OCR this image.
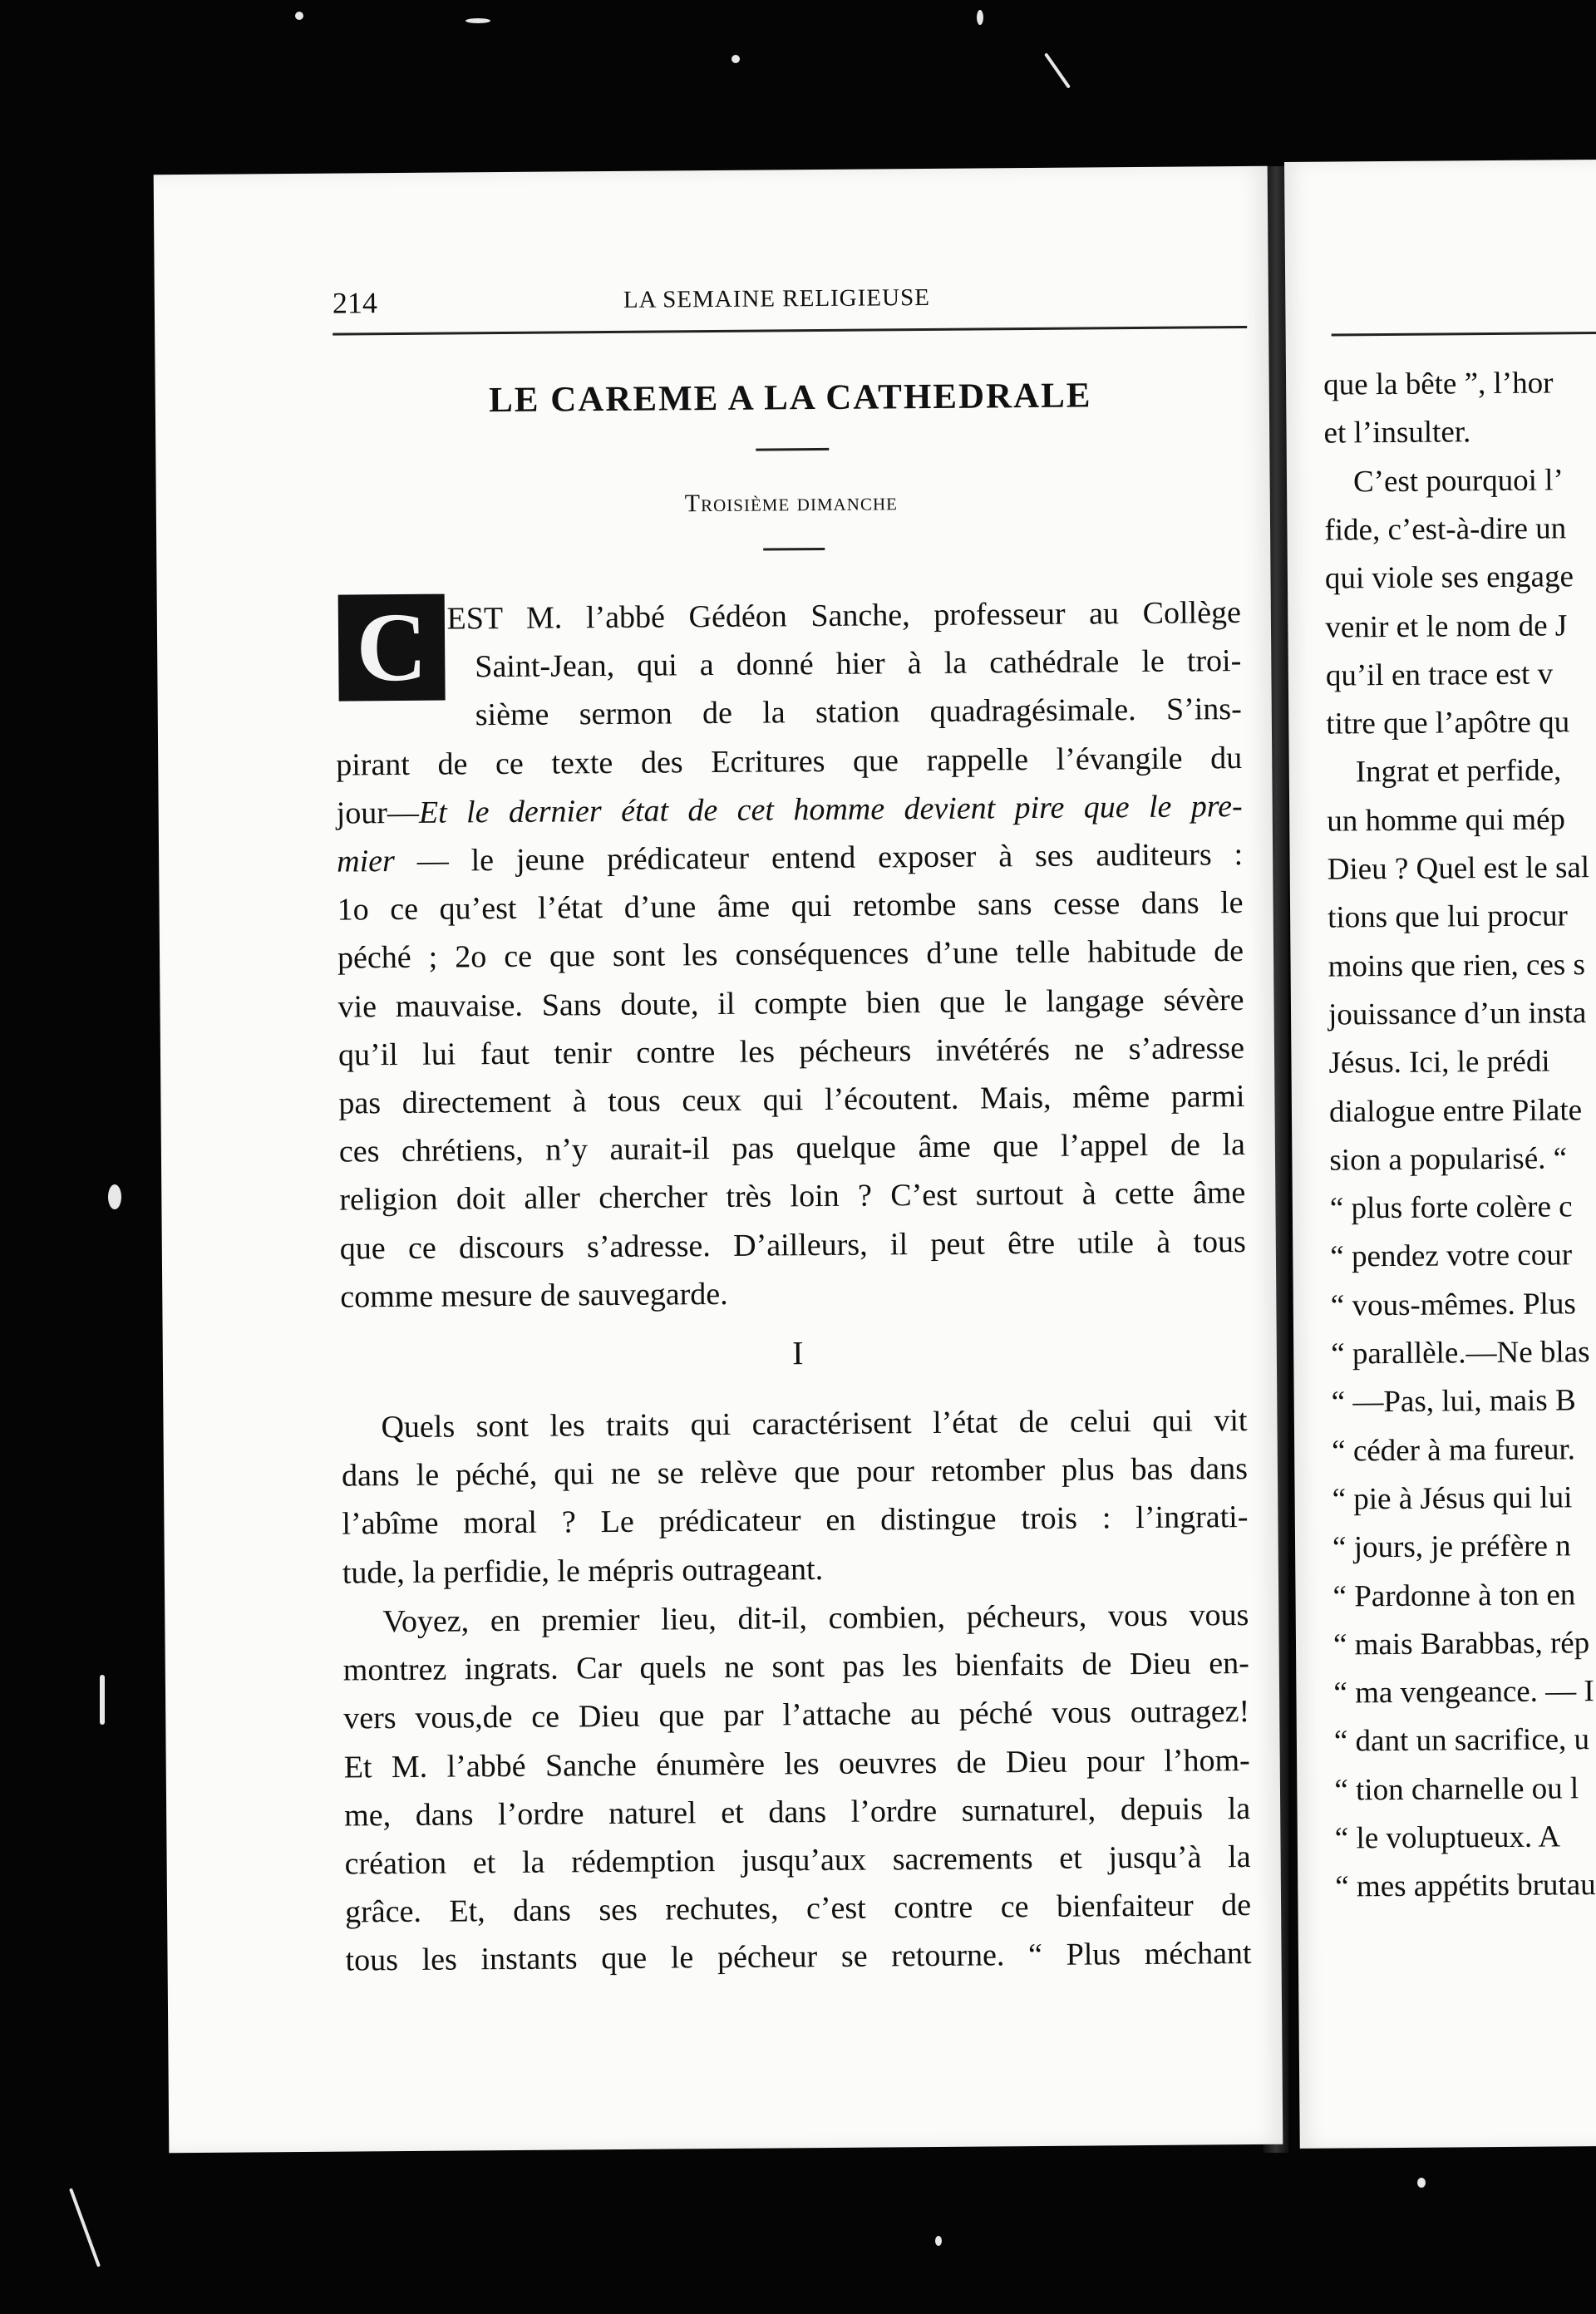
214	LA SEMAINE RELIGIEUSE
LE CAREME A LA CATHEDRALE
Troisième dimanche
C ’EST M. l’abbé Gédéon Sanche, professeur au Collège
Saint-Jean, qui a donné hier à la cathédrale le troi-
sième sermon de la station quadragésimale. S’ins-
pirant de ce texte des Ecritures que rappelle l’évangile du
jour—Et le dernier état de cet homme devient pire que le pre-
mier — le jeune prédicateur entend exposer à ses auditeurs :
1o ce qu’est l’état d’une âme qui retombe sans cesse dans le
péché ; 2o ce que sont les conséquences d’une telle habitude de
vie mauvaise. Sans doute, il compte bien que le langage sévère
qu’il lui faut tenir contre les pécheurs invétérés ne s’adresse
pas directement à tous ceux qui l’écoutent. Mais, même parmi
ces chrétiens, n’y aurait-il pas quelque âme que l’appel de la
religion doit aller chercher très loin ? C’est surtout à cette âme
que ce discours s’adresse. D’ailleurs, il peut être utile à tous
comme mesure de sauvegarde.
I
Quels sont les traits qui caractérisent l’état de celui qui vit
dans le péché, qui ne se relève que pour retomber plus bas dans
l’abîme moral ? Le prédicateur en distingue trois : l’ingrati-
tude, la perfidie, le mépris outrageant.
Voyez, en premier lieu, dit-il, combien, pécheurs, vous vous
montrez ingrats. Car quels ne sont pas les bienfaits de Dieu en-
vers vous,de ce Dieu que par l’attache au péché vous outragez!
Et M. l’abbé Sanche énumère les oeuvres de Dieu pour l’hom-
me, dans l’ordre naturel et dans l’ordre surnaturel, depuis la
création et la rédemption jusqu’aux sacrements et jusqu’à la
grâce. Et, dans ses rechutes, c’est contre ce bienfaiteur de
tous les instants que le pécheur se retourne. “ Plus méchant
que la bête ”, l’hor
et l’insulter.
C’est pourquoi l’
fide, c’est-à-dire un
qui viole ses engage
venir et le nom de J
qu’il en trace est v
titre que l’apôtre qu
Ingrat et perfide,
un homme qui mép
Dieu ? Quel est le sal
tions que lui procur
moins que rien, ces s
jouissance d’un insta
Jésus. Ici, le prédi
dialogue entre Pilate
sion a popularisé. “
“ plus forte colère c
“ pendez votre cour
“ vous-mêmes. Plus
“ parallèle.—Ne blas
“ —Pas, lui, mais B
“ céder à ma fureur.
“ pie à Jésus qui lui
“ jours, je préfère n
“ Pardonne à ton en
“ mais Barabbas, rép
“ ma vengeance. — I
“ dant un sacrifice, u
“ tion charnelle ou l
“ le voluptueux. A
“ mes appétits brutau
